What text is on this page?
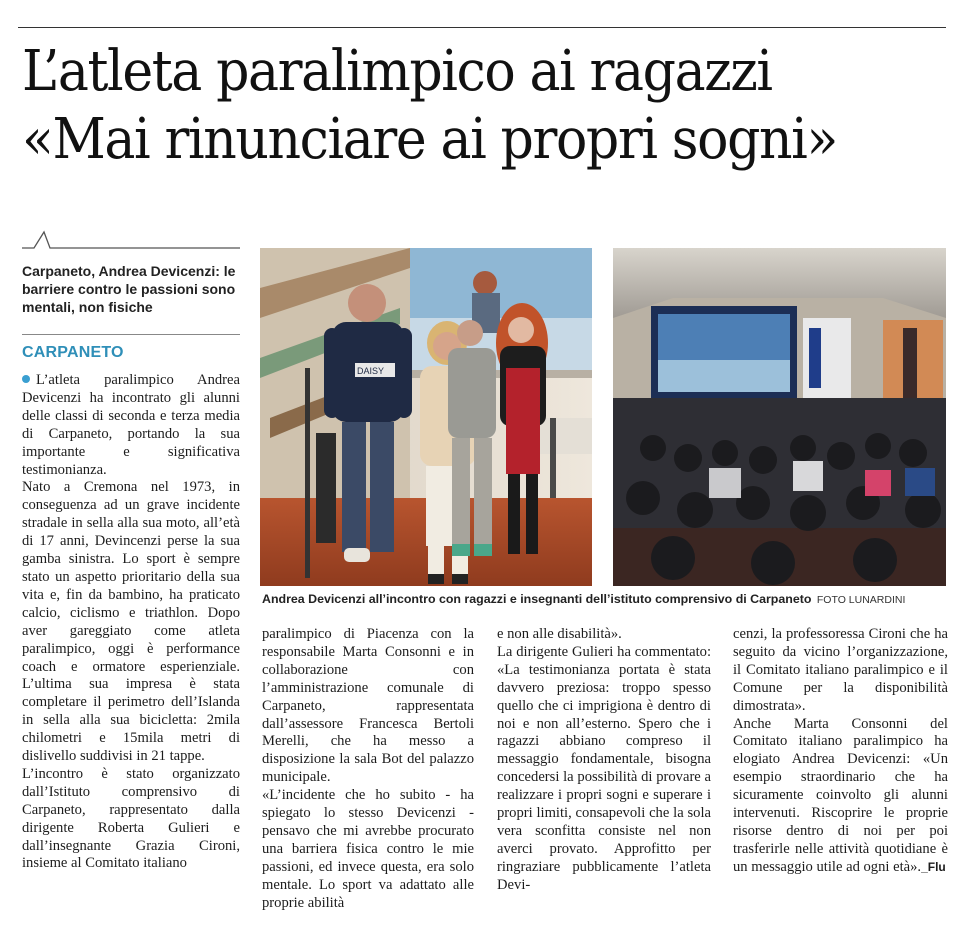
L’atleta paralimpico ai ragazzi
«Mai rinunciare ai propri sogni»
Carpaneto, Andrea Devicenzi: le barriere contro le passioni sono mentali, non fisiche
CARPANETO

L’atleta paralimpico Andrea Devicenzi ha incontrato gli alunni delle classi di seconda e terza media di Carpaneto, portando la sua importante e significativa testimonianza.

Nato a Cremona nel 1973, in conseguenza ad un grave incidente stradale in sella alla sua moto, all’età di 17 anni, Devincenzi perse la sua gamba sinistra. Lo sport è sempre stato un aspetto prioritario della sua vita e, fin da bambino, ha praticato calcio, ciclismo e triathlon. Dopo aver gareggiato come atleta paralimpico, oggi è performance coach e ormatore esperienziale. L’ultima sua impresa è stata completare il perimetro dell’Islanda in sella alla sua bicicletta: 2mila chilometri e 15mila metri di dislivello suddivisi in 21 tappe.

L’incontro è stato organizzato dall’Istituto comprensivo di Carpaneto, rappresentato dalla dirigente Roberta Gulieri e dall’insegnante Grazia Cironi, insieme al Comitato italiano

DAISY
Andrea Devicenzi all’incontro con ragazzi e insegnanti dell’istituto comprensivo di Carpaneto FOTO LUNARDINI

paralimpico di Piacenza con la responsabile Marta Consonni e in collaborazione con l’amministrazione comunale di Carpaneto, rappresentata dall’assessore Francesca Bertoli Merelli, che ha messo a disposizione la sala Bot del palazzo municipale.

«L’incidente che ho subito - ha spiegato lo stesso Devicenzi - pensavo che mi avrebbe procurato una barriera fisica contro le mie passioni, ed invece questa, era solo mentale. Lo sport va adattato alle proprie abilità

e non alle disabilità».

La dirigente Gulieri ha commentato: «La testimonianza portata è stata davvero preziosa: troppo spesso quello che ci imprigiona è dentro di noi e non all’esterno. Spero che i ragazzi abbiano compreso il messaggio fondamentale, bisogna concedersi la possibilità di provare a realizzare i propri sogni e superare i propri limiti, consapevoli che la sola vera sconfitta consiste nel non averci provato. Approfitto per ringraziare pubblicamente l’atleta Devi-

cenzi, la professoressa Cironi che ha seguito da vicino l’organizzazione, il Comitato italiano paralimpico e il Comune per la disponibilità dimostrata».

Anche Marta Consonni del Comitato italiano paralimpico ha elogiato Andrea Devicenzi: «Un esempio straordinario che ha sicuramente coinvolto gli alunni intervenuti. Riscoprire le proprie risorse dentro di noi per poi trasferirle nelle attività quotidiane è un messaggio utile ad ogni età»._Flu
